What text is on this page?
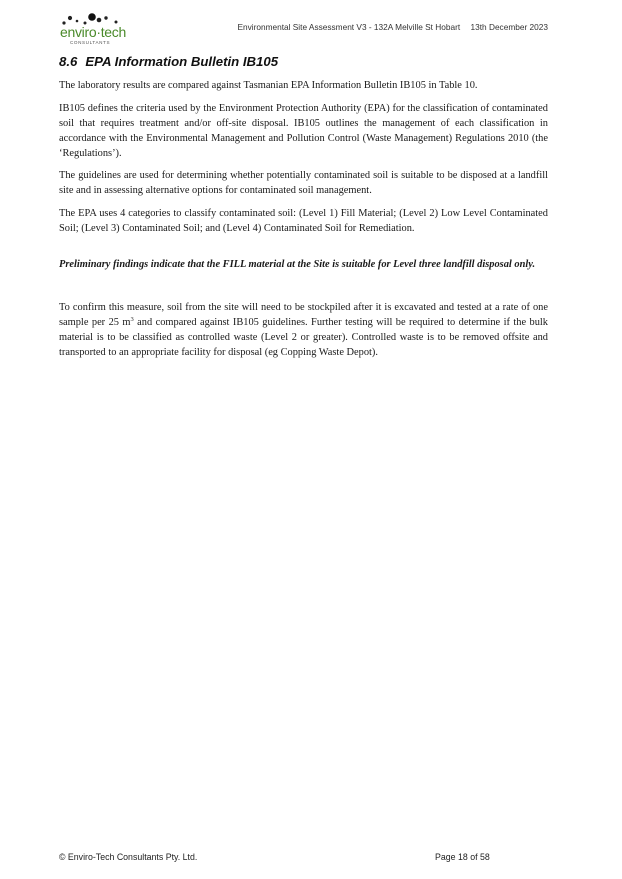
enviro·tech
CONSULTANTS
Environmental Site Assessment V3 - 132A Melville St Hobart 13th December 2023
8.6 EPA Information Bulletin IB105

The laboratory results are compared against Tasmanian EPA Information Bulletin IB105 in Table 10.

IB105 defines the criteria used by the Environment Protection Authority (EPA) for the classification of contaminated soil that requires treatment and/or off-site disposal. IB105 outlines the management of each classification in accordance with the Environmental Management and Pollution Control (Waste Management) Regulations 2010 (the ‘Regulations’).

The guidelines are used for determining whether potentially contaminated soil is suitable to be disposed at a landfill site and in assessing alternative options for contaminated soil management.

The EPA uses 4 categories to classify contaminated soil: (Level 1) Fill Material; (Level 2) Low Level Contaminated Soil; (Level 3) Contaminated Soil; and (Level 4) Contaminated Soil for Remediation.

Preliminary findings indicate that the FILL material at the Site is suitable for Level three landfill disposal only.

To confirm this measure, soil from the site will need to be stockpiled after it is excavated and tested at a rate of one sample per 25 $m^3$ and compared against IB105 guidelines. Further testing will be required to determine if the bulk material is to be classified as controlled waste (Level 2 or greater). Controlled waste is to be removed offsite and transported to an appropriate facility for disposal (eg Copping Waste Depot).

© Enviro-Tech Consultants Pty. Ltd.	Page 18 of 58
